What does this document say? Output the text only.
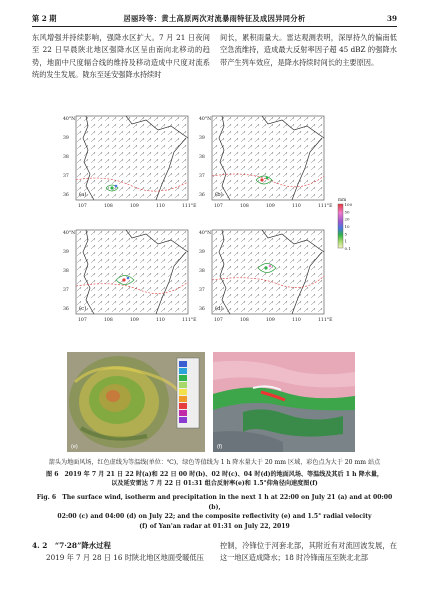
第 2 期	居丽玲等：黄土高原两次对流暴雨特征及成因异同分析	39

东风增强并持续影响，强降水区扩大。7 月 21 日夜间至 22 日早晨陕北地区强降水区呈由南向北移动的趋势，地面中尺度辐合线的维持及移动造成中尺度对流系统的发生发展。陇东至延安强降水持续时

间长，累积雨量大。雷达观测表明，深厚持久的偏南低空急流维持，造成最大反射率因子超 45 dBZ 的强降水带产生列车效应，是降水持续时间长的主要原因。

(a)	(b)
mm
100
50
20
10
5
1
0.1
(c)	(d)
40°N
39
38
37
36
107	108	109	110	111°E
40°N
39
38
37
36
107	108	109	110	111°E
40°N
39
38
37
36
107	108	109	110	111°E
40°N
39
38
37
36
107	108	109	110	111°E
(e)	(f)
箭头为地面风场，红色虚线为等温线(单位：℃)，绿色等值线为 1 h 降水量大于 20 mm 区域，彩色点为大于 20 mm 站点
图 6　2019 年 7 月 21 日 22 时(a)和 22 日 00 时(b)、02 时(c)、04 时(d)的地面风场、等温线及其后 1 h 降水量，
以及延安雷达 7 月 22 日 01:31 组合反射率(e)和 1.5°仰角径向速度图(f)
Fig. 6　The surface wind, isotherm and precipitation in the next 1 h at 22:00 on July 21 (a) and at 00:00 (b),
02:00 (c) and 04:00 (d) on July 22; and the composite reflectivity (e) and 1.5° radial velocity
(f) of Yan'an radar at 01:31 on July 22, 2019
4. 2　“7·28”降水过程

2019 年 7 月 28 日 16 时陕北地区地面受暖低压

控制，冷锋位于河套北部，其附近有对流回波发展，在这一地区造成降水；18 时冷锋南压至陕北北部
